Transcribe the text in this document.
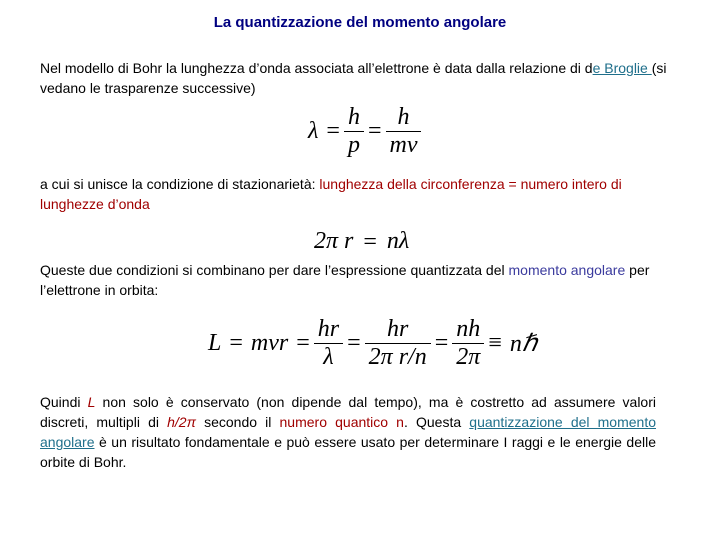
La quantizzazione del momento angolare
Nel modello di Bohr la lunghezza d’onda associata all’elettrone è data dalla relazione di de Broglie (si vedano le trasparenze successive)
$\lambda = \frac{h}{p} = \frac{h}{m\nu}$
a cui si unisce la condizione di stazionarietà: lunghezza della circonferenza = numero intero di lunghezze d’onda
2π r = nλ
Queste due condizioni si combinano per dare l’espressione quantizzata del momento angolare per l’elettrone in orbita:
$L = m\nu r = \frac{hr}{\lambda} = \frac{hr}{\text{2π r/n}} = \frac{nh}{2\pi}$ ≡ nℏ
Quindi L non solo è conservato (non dipende dal tempo), ma è costretto ad assumere valori discreti, multipli di h/2π secondo il numero quantico n. Questa quantizzazione del momento angolare è un risultato fondamentale e può essere usato per determinare I raggi e le energie delle orbite di Bohr.
